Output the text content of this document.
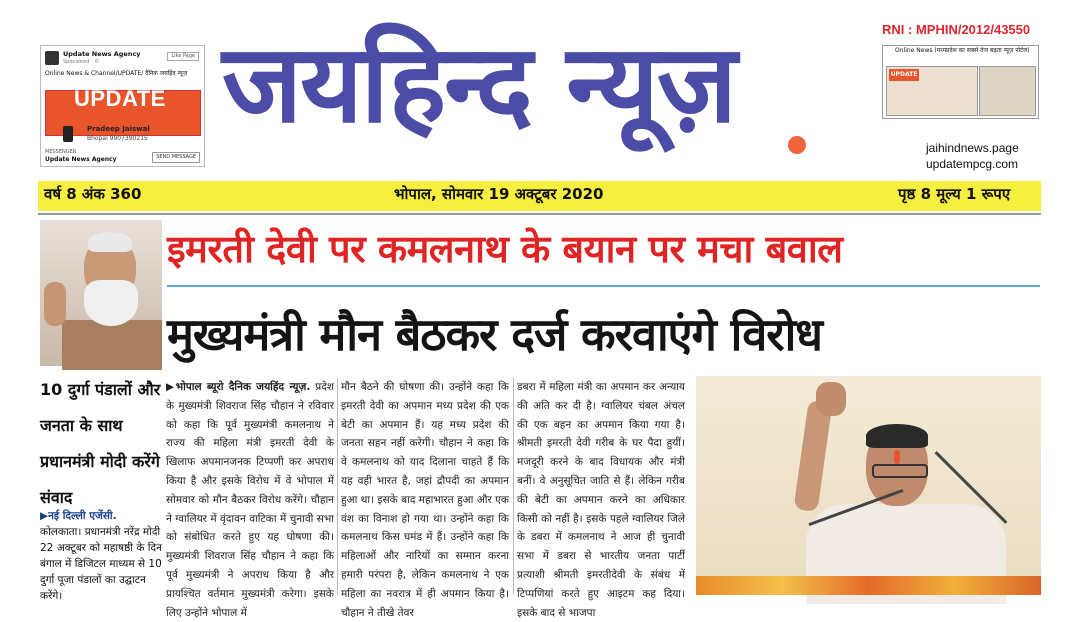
Update News Agency
Sponsored · ©
Like Page
Online News & Channel/UPDATE/ दैनिक जयहिंद न्यूज़
UPDATE
Pradeep Jaiswal
Bhopal 9907390215
MESSENGER
Update News Agency	SEND MESSAGE
जयहिन्द न्यूज़	RNI : MPHIN/2012/43550
Online News (मध्यप्रदेश का सबसे तेज बढ़ता न्यूज़ पोर्टल)
UPDATE
jaihindnews.page
updatempcg.com
वर्ष 8 अंक 360	भोपाल, सोमवार 19 अक्टूबर 2020	पृष्ठ 8 मूल्य 1 रूपए
10 दुर्गा पंडालों और जनता के साथ प्रधानमंत्री मोदी करेंगे संवाद
▶नई दिल्ली एजेंसी.
कोलकाता। प्रधानमंत्री नरेंद्र मोदी 22 अक्टूबर को महाषष्ठी के दिन बंगाल में डिजिटल माध्यम से 10 दुर्गा पूजा पंडालों का उद्घाटन करेंगे।
इमरती देवी पर कमलनाथ के बयान पर मचा बवाल
मुख्यमंत्री मौन बैठकर दर्ज करवाएंगे विरोध
▶भोपाल ब्यूरो दैनिक जयहिंद न्यूज़. प्रदेश के मुख्यमंत्री शिवराज सिंह चौहान ने रविवार को कहा कि पूर्व मुख्यमंत्री कमलनाथ ने राज्य की महिला मंत्री इमरती देवी के खिलाफ अपमानजनक टिप्पणी कर अपराध किया है और इसके विरोध में वे भोपाल में सोमवार को मौन बैठकर विरोध करेंगे। चौहान ने ग्वालियर में वृंदावन वाटिका में चुनावी सभा को संबोधित करते हुए यह घोषणा की। मुख्यमंत्री शिवराज सिंह चौहान ने कहा कि पूर्व मुख्यमंत्री ने अपराध किया है और प्रायश्चित वर्तमान मुख्यमंत्री करेगा। इसके लिए उन्होंने भोपाल में
मौन बैठने की घोषणा की। उन्होंने कहा कि इमरती देवी का अपमान मध्य प्रदेश की एक बेटी का अपमान हैं। यह मध्य प्रदेश की जनता सहन नहीं करेगी। चौहान ने कहा कि वे कमलनाथ को याद दिलाना चाहते हैं कि यह वही भारत है, जहां द्रौपदी का अपमान हुआ था। इसके बाद महाभारत हुआ और एक वंश का विनाश हो गया था। उन्होंने कहा कि कमलनाथ किस घमंड में हैं। उन्होंने कहा कि महिलाओं और नारियों का सम्मान करना हमारी परंपरा है, लेकिन कमलनाथ ने एक महिला का नवरात्र में ही अपमान किया है। चौहान ने तीखे तेवर
डबरा में महिला मंत्री का अपमान कर अन्याय की अति कर दी है। ग्वालियर चंबल अंचल की एक बहन का अपमान किया गया है। श्रीमती इमरती देवी गरीब के घर पैदा हुयीं। मजदूरी करने के बाद विधायक और मंत्री बनीं। वे अनुसूचित जाति से हैं। लेकिन गरीब की बेटी का अपमान करने का अधिकार किसी को नहीं है। इसके पहले ग्वालियर जिले के डबरा में कमलनाथ ने आज ही चुनावी सभा में डबरा से भारतीय जनता पार्टी प्रत्याशी श्रीमती इमरतीदेवी के संबंध में टिप्पणियां करते हुए आइटम कह दिया। इसके बाद से भाजपा
